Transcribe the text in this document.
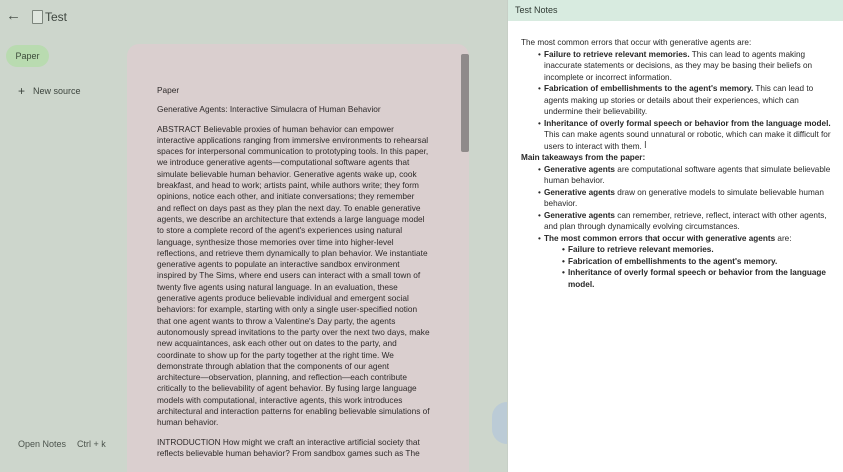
← Test
Paper
+ New source
Open Notes Ctrl + k

Paper

Generative Agents: Interactive Simulacra of Human Behavior

ABSTRACT Believable proxies of human behavior can empower interactive applications ranging from immersive environments to rehearsal spaces for interpersonal communication to prototyping tools. In this paper, we introduce generative agents—computational software agents that simulate believable human behavior. Generative agents wake up, cook breakfast, and head to work; artists paint, while authors write; they form opinions, notice each other, and initiate conversations; they remember and reflect on days past as they plan the next day. To enable generative agents, we describe an architecture that extends a large language model to store a complete record of the agent's experiences using natural language, synthesize those memories over time into higher-level reflections, and retrieve them dynamically to plan behavior. We instantiate generative agents to populate an interactive sandbox environment inspired by The Sims, where end users can interact with a small town of twenty five agents using natural language. In an evaluation, these generative agents produce believable individual and emergent social behaviors: for example, starting with only a single user-specified notion that one agent wants to throw a Valentine's Day party, the agents autonomously spread invitations to the party over the next two days, make new acquaintances, ask each other out on dates to the party, and coordinate to show up for the party together at the right time. We demonstrate through ablation that the components of our agent architecture—observation, planning, and reflection—each contribute critically to the believability of agent behavior. By fusing large language models with computational, interactive agents, this work introduces architectural and interaction patterns for enabling believable simulations of human behavior.

INTRODUCTION How might we craft an interactive artificial society that reflects believable human behavior? From sandbox games such as The

Test Notes

The most common errors that occur with generative agents are:

• Failure to retrieve relevant memories. This can lead to agents making inaccurate statements or decisions, as they may be basing their beliefs on incomplete or incorrect information.
• Fabrication of embellishments to the agent's memory. This can lead to agents making up stories or details about their experiences, which can undermine their believability.
• Inheritance of overly formal speech or behavior from the language model. This can make agents sound unnatural or robotic, which can make it difficult for users to interact with them.

Main takeaways from the paper:

• Generative agents are computational software agents that simulate believable human behavior.
• Generative agents draw on generative models to simulate believable human behavior.
• Generative agents can remember, retrieve, reflect, interact with other agents, and plan through dynamically evolving circumstances.
• The most common errors that occur with generative agents are:
• Failure to retrieve relevant memories.
• Fabrication of embellishments to the agent's memory.
• Inheritance of overly formal speech or behavior from the language model.
I
